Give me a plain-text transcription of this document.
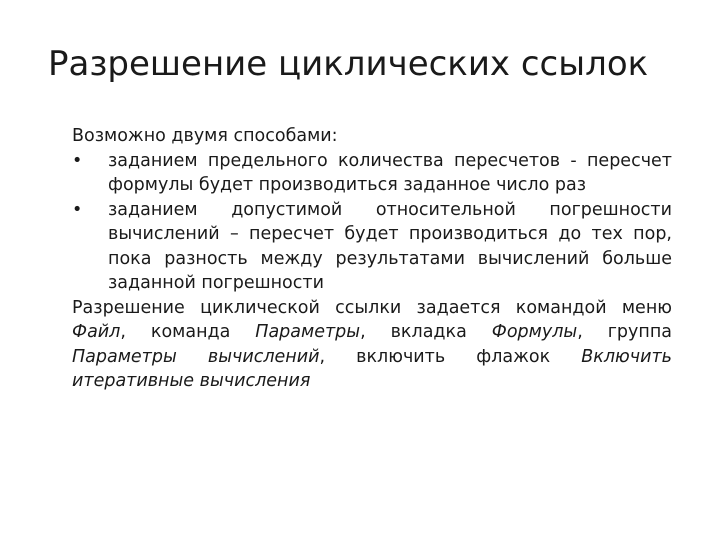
Разрешение циклических ссылок

Возможно двумя способами:

•	заданием предельного количества пересчетов - пересчет формулы будет производиться заданное число раз
•	заданием допустимой относительной погрешности вычислений – пересчет будет производиться до тех пор, пока разность между результатами вычислений больше заданной погрешности

Разрешение циклической ссылки задается командой меню Файл, команда Параметры, вкладка Формулы, группа Параметры вычислений, включить флажок Включить итеративные вычисления
